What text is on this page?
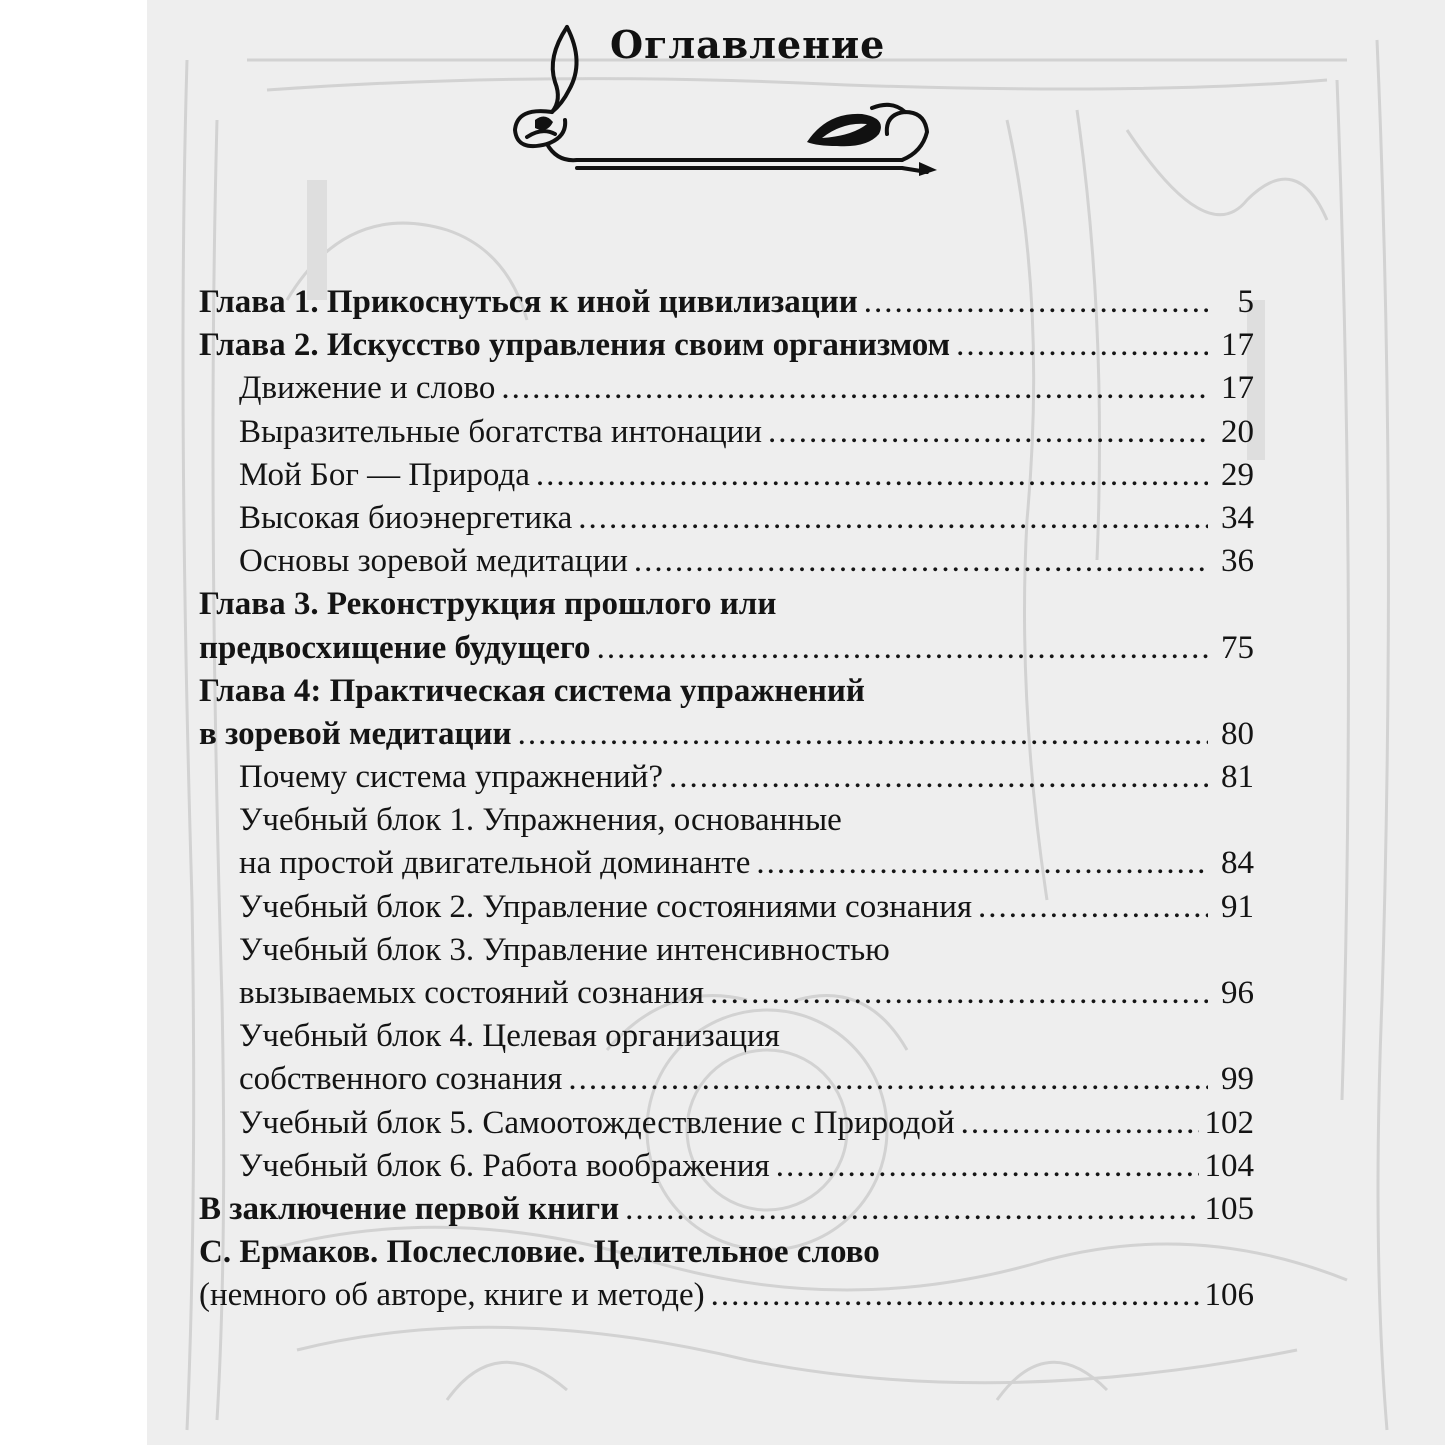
Оглавление
Глава 1. Прикоснуться к иной цивилизации .....	5
Глава 2. Искусство управления своим организмом .....	17
Движение и слово .....	17
Выразительные богатства интонации .....	20
Мой Бог — Природа .....	29
Высокая биоэнергетика .....	34
Основы зоревой медитации .....	36
Глава 3. Реконструкция прошлого или
предвосхищение будущего .....	75
Глава 4: Практическая система упражнений
в зоревой медитации .....	80
Почему система упражнений? .....	81
Учебный блок 1. Упражнения, основанные
на простой двигательной доминанте .....	84
Учебный блок 2. Управление состояниями сознания .....	91
Учебный блок 3. Управление интенсивностью
вызываемых состояний сознания .....	96
Учебный блок 4. Целевая организация
собственного сознания .....	99
Учебный блок 5. Самоотождествление с Природой .....	102
Учебный блок 6. Работа воображения .....	104
В заключение первой книги .....	105
С. Ермаков. Послесловие. Целительное слово
(немного об авторе, книге и методе) .....	106
